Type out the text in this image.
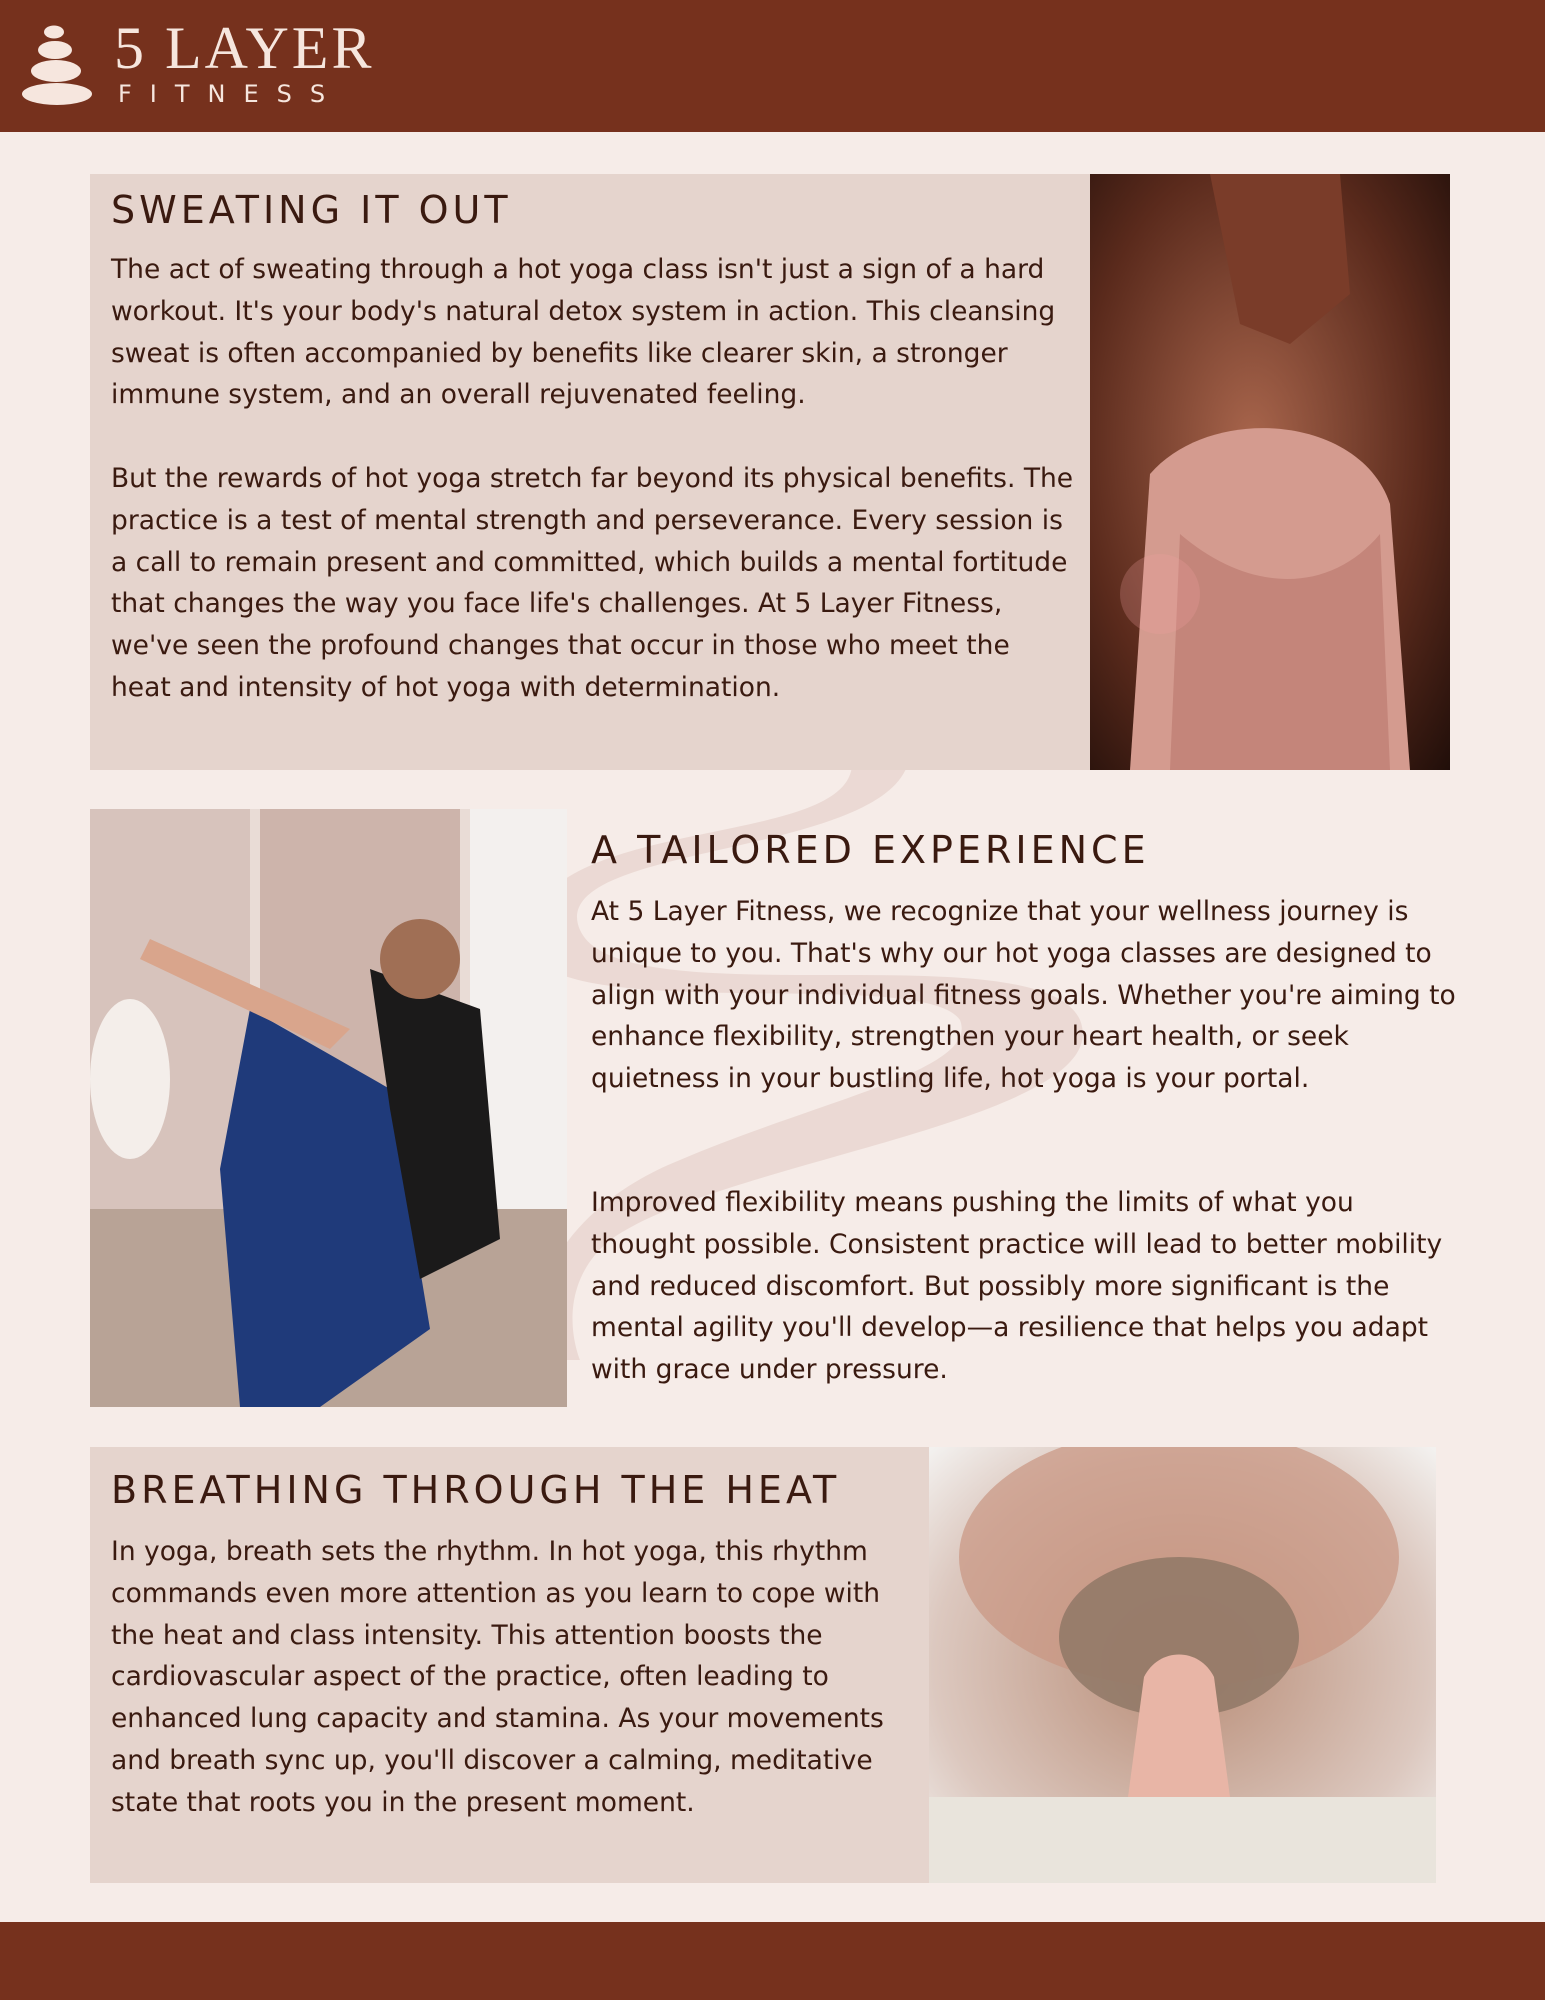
5 LAYER
FITNESS
SWEATING IT OUT

The act of sweating through a hot yoga class isn't just a sign of a hard workout. It's your body's natural detox system in action. This cleansing sweat is often accompanied by benefits like clearer skin, a stronger immune system, and an overall rejuvenated feeling.

But the rewards of hot yoga stretch far beyond its physical benefits. The practice is a test of mental strength and perseverance. Every session is a call to remain present and committed, which builds a mental fortitude that changes the way you face life's challenges. At 5 Layer Fitness, we've seen the profound changes that occur in those who meet the heat and intensity of hot yoga with determination.

A TAILORED EXPERIENCE

At 5 Layer Fitness, we recognize that your wellness journey is unique to you. That's why our hot yoga classes are designed to align with your individual fitness goals. Whether you're aiming to enhance flexibility, strengthen your heart health, or seek quietness in your bustling life, hot yoga is your portal.

Improved flexibility means pushing the limits of what you thought possible. Consistent practice will lead to better mobility and reduced discomfort. But possibly more significant is the mental agility you'll develop—a resilience that helps you adapt with grace under pressure.

BREATHING THROUGH THE HEAT

In yoga, breath sets the rhythm. In hot yoga, this rhythm commands even more attention as you learn to cope with the heat and class intensity. This attention boosts the cardiovascular aspect of the practice, often leading to enhanced lung capacity and stamina. As your movements and breath sync up, you'll discover a calming, meditative state that roots you in the present moment.
